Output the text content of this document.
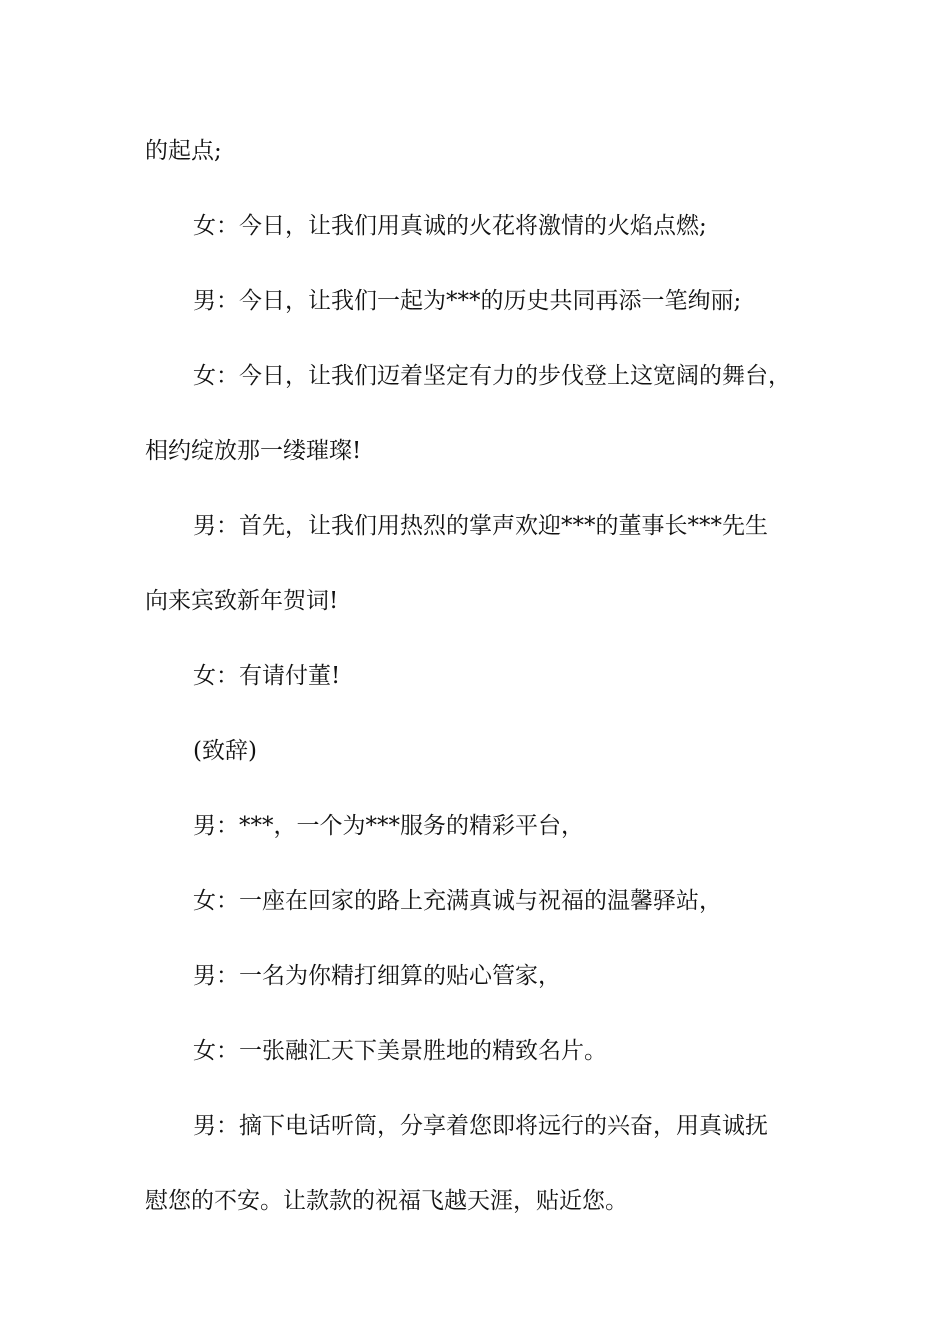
的起点;

女：今日，让我们用真诚的火花将激情的火焰点燃;

男：今日，让我们一起为***的历史共同再添一笔绚丽;

女：今日，让我们迈着坚定有力的步伐登上这宽阔的舞台，

相约绽放那一缕璀璨!

男：首先，让我们用热烈的掌声欢迎***的董事长***先生

向来宾致新年贺词!

女：有请付董!

(致辞)

男：***，一个为***服务的精彩平台，

女：一座在回家的路上充满真诚与祝福的温馨驿站，

男：一名为你精打细算的贴心管家，

女：一张融汇天下美景胜地的精致名片。

男：摘下电话听筒，分享着您即将远行的兴奋，用真诚抚

慰您的不安。让款款的祝福飞越天涯，贴近您。
